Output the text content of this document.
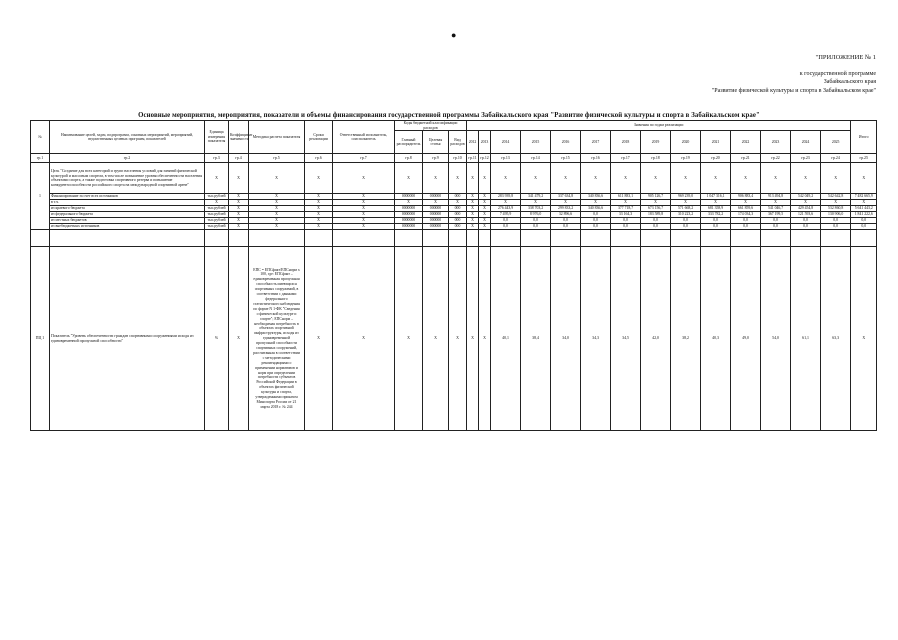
●
"ПРИЛОЖЕНИЕ № 1
к государственной программе
Забайкальского края
"Развитие физической культуры и спорта в Забайкальском крае"
Основные мероприятия, мероприятия, показатели и объемы финансирования государственной программы Забайкальского края "Развитие физической культуры и спорта в Забайкальском крае"
№	Наименование целей, задач, подпрограмм, основных мероприятий, мероприятий, ведомственных целевых программ, показателей	Единица измерения показателя	Коэффициент значимости	Методика расчета показателя	Сроки реализации	Ответственный исполнитель, соисполнитель	Коды бюджетной классификации расходов			Значения по годам реализации														Итого
							Главный распорядитель	Целевая статья	Вид расходов	2012	2013	2014	2015	2016	2017	2018	2019	2020	2021	2022	2023	2024	2025	
гр.1	гр.2	гр.3	гр.4	гр.5	гр.6	гр.7	гр.8	гр.9	гр.10	гр.11	гр.12	гр.13	гр.14	гр.15	гр.16	гр.17	гр.18	гр.19	гр.20	гр.21	гр.22	гр.23	гр.24	гр.25
1	Цель "Создание для всех категорий и групп населения условий для занятий физической культурой и массовым спортом, в том числе повышение уровня обеспеченности населения объектами спорта, а также подготовка спортивного резерва и повышение конкурентоспособности российского спорта на международной спортивной арене"	X	X	X	X	X	X	X	X	X	X	X	X	X	X	X	X	X	X	X	X	X	X	X
	Финансирование за счет всех источников	тыс.рублей	X	X	X	X	0000000	000000	000	X	X	283 939,8	341 479,2	337 634,8	340 836,6	611 883,1	905 126,7	969 239,0	1 047 316,1	906 883,4	913 494,8	542 049,2	542 642,8	7 482 665,9
	в т.ч.	X	X	X	X	X	X	X	X	X	X	X	X	X	X	X	X	X	X	X	X	X	X	X
	из краевого бюджета	тыс.рублей	X	X	X	X	0000000	000000	000	X	X	276 443,9	338 703,2	299 833,2	340 836,6	377 718,7	673 156,7	571 668,2	681 358,9	661 859,6	541 046,7	429 454,8	532 860,8	5 641 443,2
	из федерального бюджета	тыс.рублей	X	X	X	X	0000000	000000	000	X	X	7 495,9	8 976,0	32 896,6	0,0	33 164,3	183 589,8	310 223,2	333 782,2	174 034,3	367 199,5	121 593,6	130 906,0	1 841 222,6
	из местных бюджетов	тыс.рублей	X	X	X	X	0000000	000000	000	X	X	0,0	0,0	0,0	0,0	0,0	0,0	0,0	0,0	0,0	0,0	0,0	0,0	0,0
	из внебюджетных источников	тыс.рублей	X	X	X	X	0000000	000000	000	X	X	0,0	0,0	0,0	0,0	0,0	0,0	0,0	0,0	0,0	0,0	0,0	0,0	0,0

ПЦ 1	Показатель "Уровень обеспеченности граждан спортивными сооружениями исходя из единовременной пропускной способности"	%	X	ЕПС = ЕПСфакт/ЕПСнорм х 100, где: ЕПСфакт – единовременная пропускная способность имеющихся спортивных сооружений, в соответствии с данными федерального статистического наблюдения по форме N 1-ФК "Сведения о физической культуре и спорте"; ЕПСнорм – необходимая потребность в объектах спортивной инфраструктуры, исходя из единовременной пропускной способности спортивных сооружений, рассчитанная в соответствии с методическими рекомендациями о применении нормативов и норм при определении потребности субъектов Российской Федерации в объектах физической культуры и спорта, утвержденными приказом Минспорта России от 21 марта 2018 г. № 244	X	X	X	X	X	X	X	40,1	38,4	34,0	34,3	34,5	42,0	38,2	40,3	49,0	54,0	61,1	63,3	X
